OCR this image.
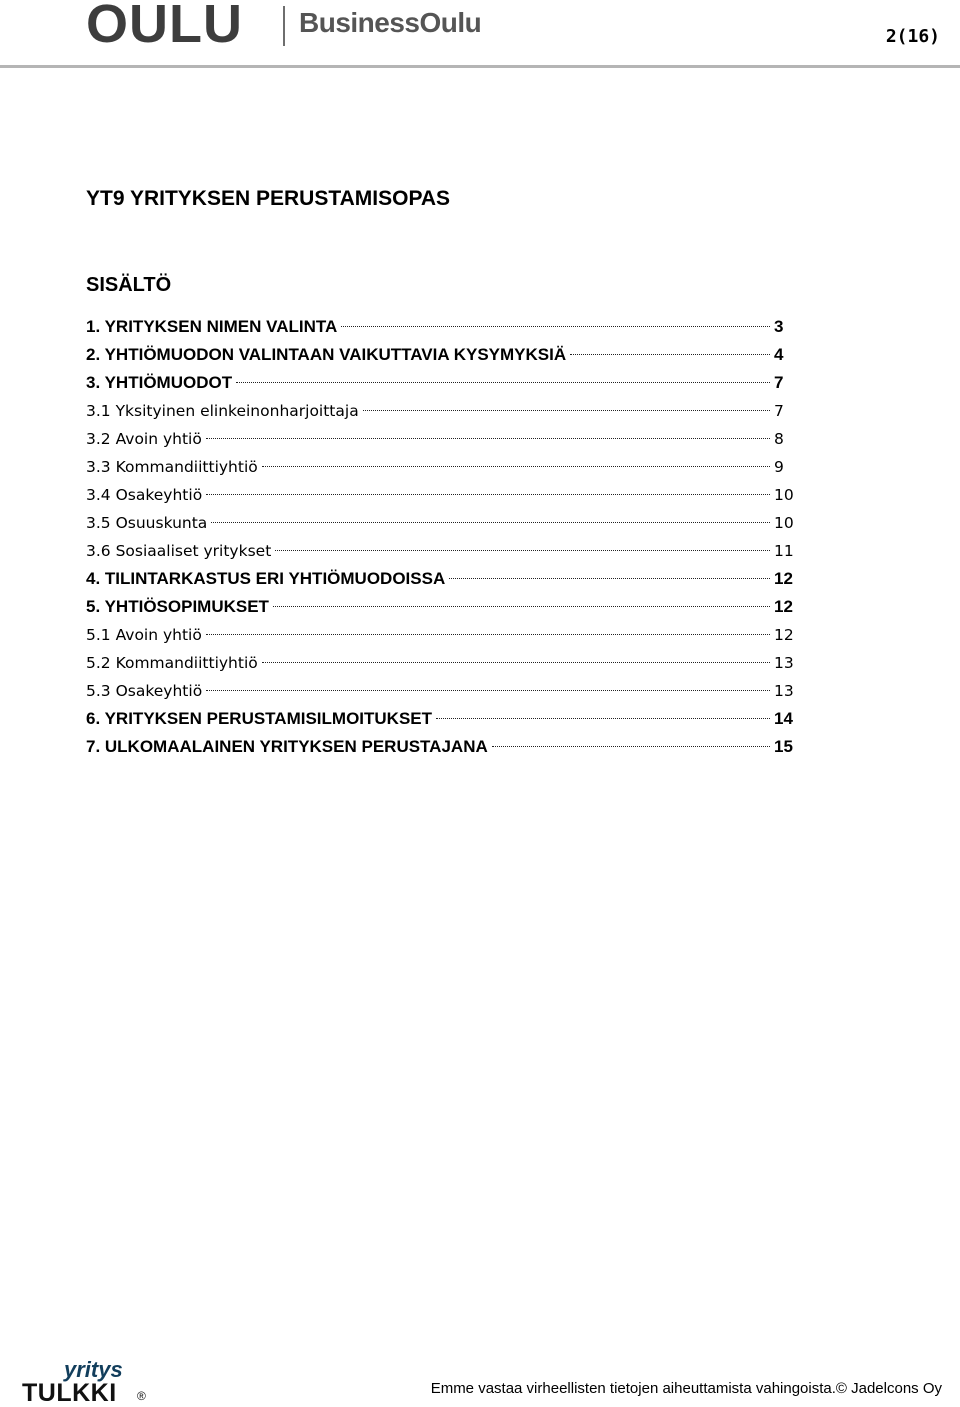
OULU BusinessOulu	2(16)
YT9 YRITYKSEN PERUSTAMISOPAS
SISÄLTÖ
1. YRITYKSEN NIMEN VALINTA	3
2. YHTIÖMUODON VALINTAAN VAIKUTTAVIA KYSYMYKSIÄ	4
3. YHTIÖMUODOT	7
3.1 Yksityinen elinkeinonharjoittaja	7
3.2 Avoin yhtiö	8
3.3 Kommandiittiyhtiö	9
3.4 Osakeyhtiö	10
3.5 Osuuskunta	10
3.6 Sosiaaliset yritykset	11
4. TILINTARKASTUS ERI YHTIÖMUODOISSA	12
5. YHTIÖSOPIMUKSET	12
5.1 Avoin yhtiö	12
5.2 Kommandiittiyhtiö	13
5.3 Osakeyhtiö	13
6. YRITYKSEN PERUSTAMISILMOITUKSET	14
7. ULKOMAALAINEN YRITYKSEN PERUSTAJANA	15
yritys
TULKKI ®	Emme vastaa virheellisten tietojen aiheuttamista vahingoista.© Jadelcons Oy
